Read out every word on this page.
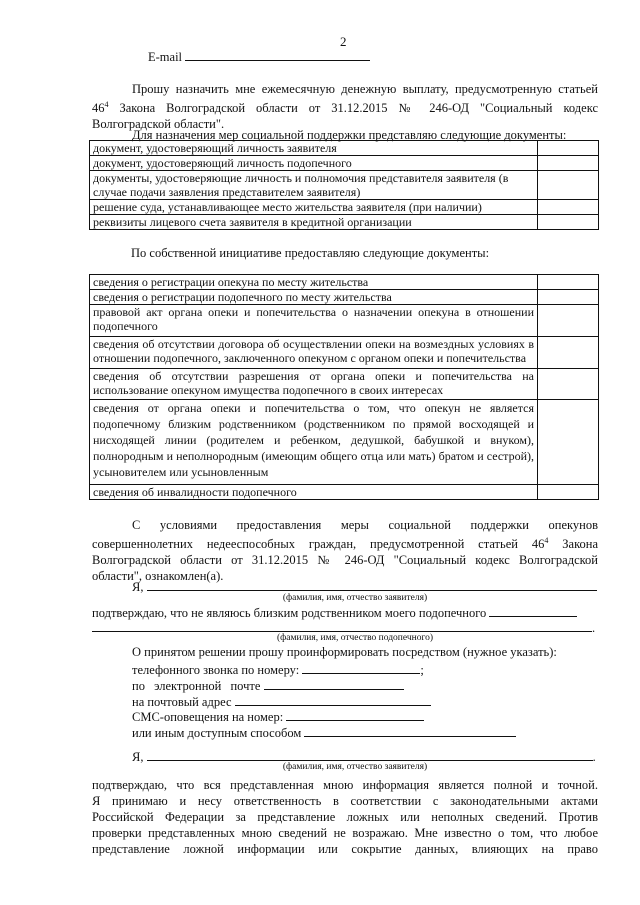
2
E-mail

Прошу назначить мне ежемесячную денежную выплату, предусмотренную статьей

$46^4$ Закона Волгоградской области от 31.12.2015 № 246-ОД "Социальный кодекс

Волгоградской области".

Для назначения мер социальной поддержки представляю следующие документы:
документ, удостоверяющий личность заявителя	
документ, удостоверяющий личность подопечного	
документы, удостоверяющие личность и полномочия представителя заявителя (в случае подачи заявления представителем заявителя)	
решение суда, устанавливающее место жительства заявителя (при наличии)	
реквизиты лицевого счета заявителя в кредитной организации	
По собственной инициативе предоставляю следующие документы:
сведения о регистрации опекуна по месту жительства	
сведения о регистрации подопечного по месту жительства	
правовой акт органа опеки и попечительства о назначении опекуна в отношении подопечного	
сведения об отсутствии договора об осуществлении опеки на возмездных условиях в отношении подопечного, заключенного опекуном с органом опеки и попечительства	
сведения об отсутствии разрешения от органа опеки и попечительства на использование опекуном имущества подопечного в своих интересах	
сведения от органа опеки и попечительства о том, что опекун не является подопечному близким родственником (родственником по прямой восходящей и нисходящей линии (родителем и ребенком, дедушкой, бабушкой и внуком), полнородным и неполнородным (имеющим общего отца или мать) братом и сестрой), усыновителем или усыновленным	
сведения об инвалидности подопечного	

С условиями предоставления меры социальной поддержки опекунов

совершеннолетних недееспособных граждан, предусмотренной статьей $46^4$ Закона

Волгоградской области от 31.12.2015 № 246-ОД "Социальный кодекс Волгоградской

области", ознакомлен(а).

Я,
(фамилия, имя, отчество заявителя)
подтверждаю, что не являюсь близким родственником моего подопечного
.
(фамилия, имя, отчество подопечного)
О принятом решении прошу проинформировать посредством (нужное указать):
телефонного звонка по номеру:	;
по электронной почте
на почтовый адрес
СМС-оповещения на номер:
или иным доступным способом
Я,	.
(фамилия, имя, отчество заявителя)

подтверждаю, что вся представленная мною информация является полной и точной.

Я принимаю и несу ответственность в соответствии с законодательными актами

Российской Федерации за представление ложных или неполных сведений. Против

проверки представленных мною сведений не возражаю. Мне известно о том, что любое

представление ложной информации или сокрытие данных, влияющих на право
